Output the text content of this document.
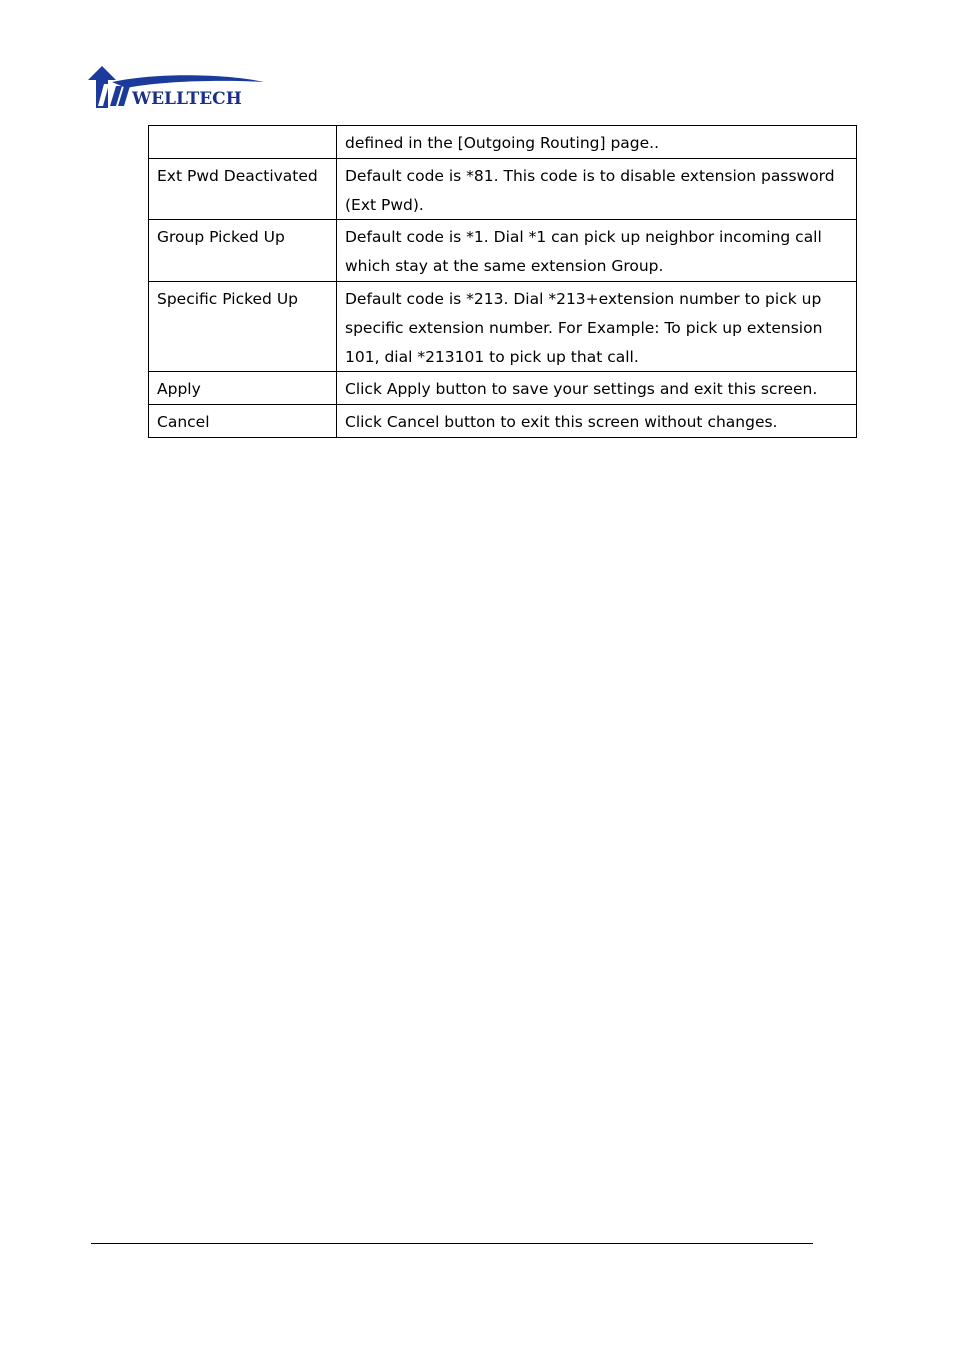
WELLTECH
	defined in the [Outgoing Routing] page..
Ext Pwd Deactivated	Default code is *81. This code is to disable extension password (Ext Pwd).
Group Picked Up	Default code is *1. Dial *1 can pick up neighbor incoming call which stay at the same extension Group.
Specific Picked Up	Default code is *213. Dial *213+extension number to pick up specific extension number. For Example: To pick up extension 101, dial *213101 to pick up that call.
Apply	Click Apply button to save your settings and exit this screen.
Cancel	Click Cancel button to exit this screen without changes.
